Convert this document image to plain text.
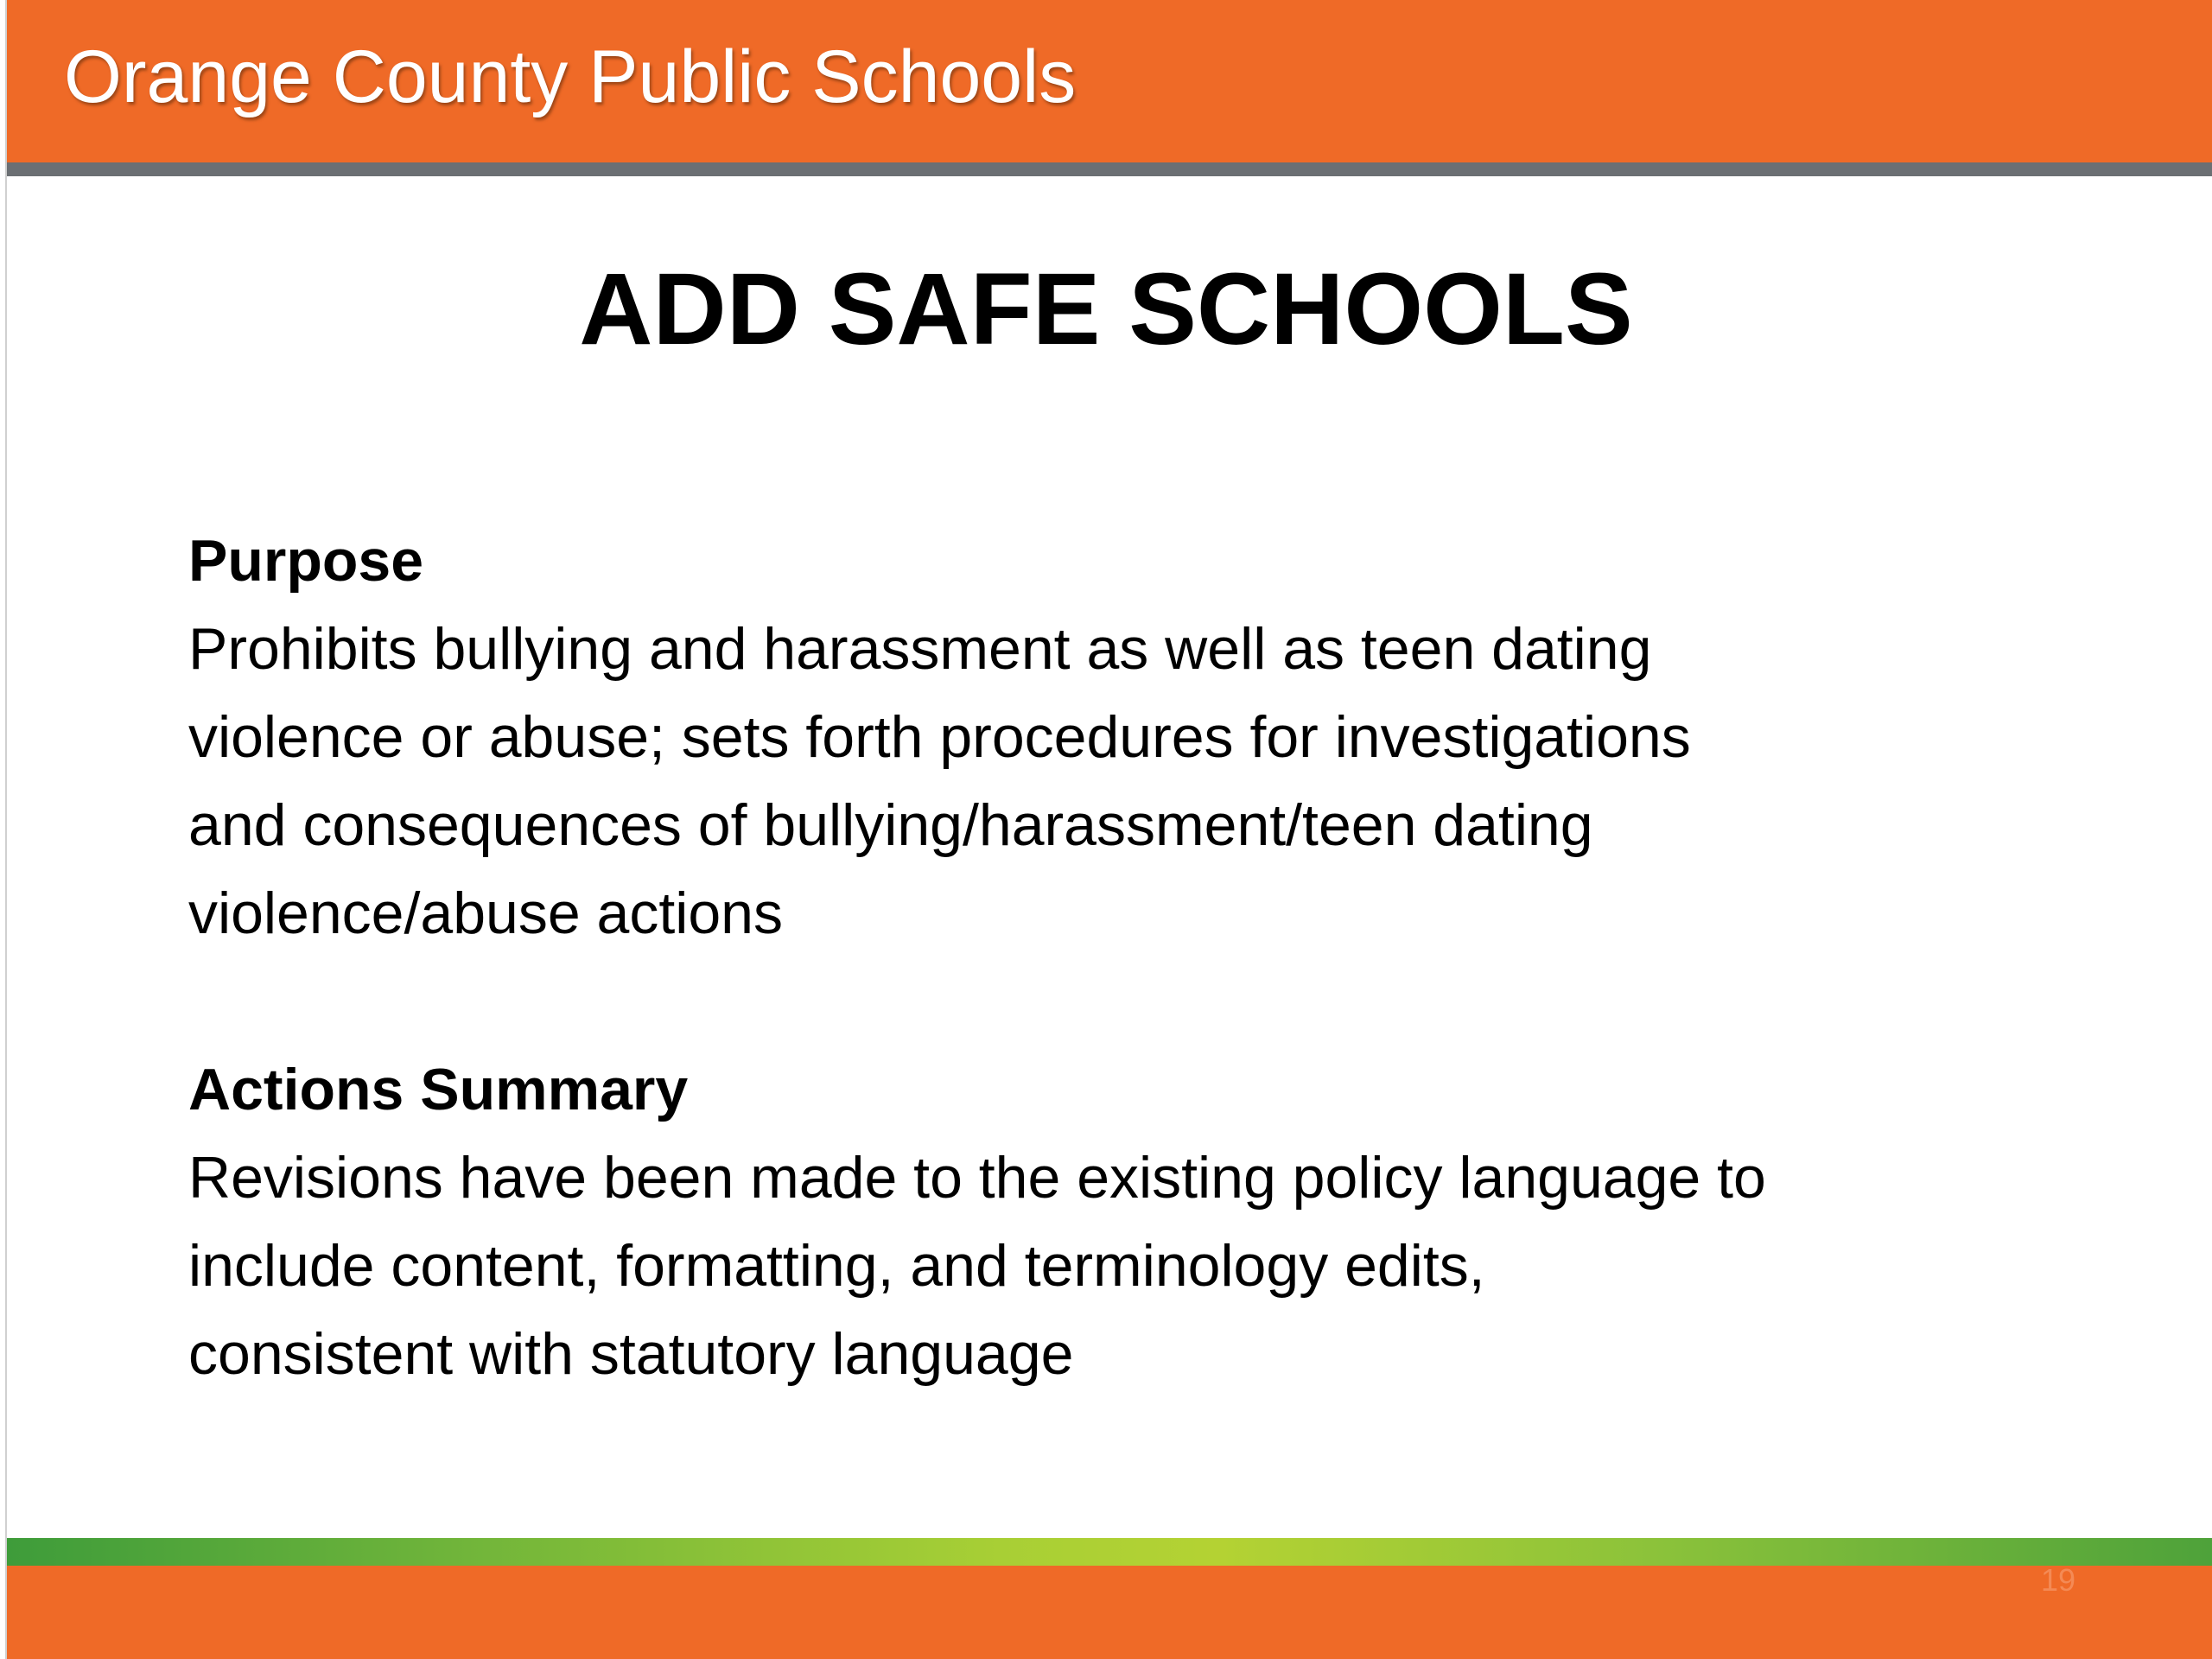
Orange County Public Schools
ADD SAFE SCHOOLS

Purpose

Prohibits bullying and harassment as well as teen dating
violence or abuse; sets forth procedures for investigations
and consequences of bullying/harassment/teen dating
violence/abuse actions

Actions Summary

Revisions have been made to the existing policy language to
include content, formatting, and terminology edits,
consistent with statutory language

19
